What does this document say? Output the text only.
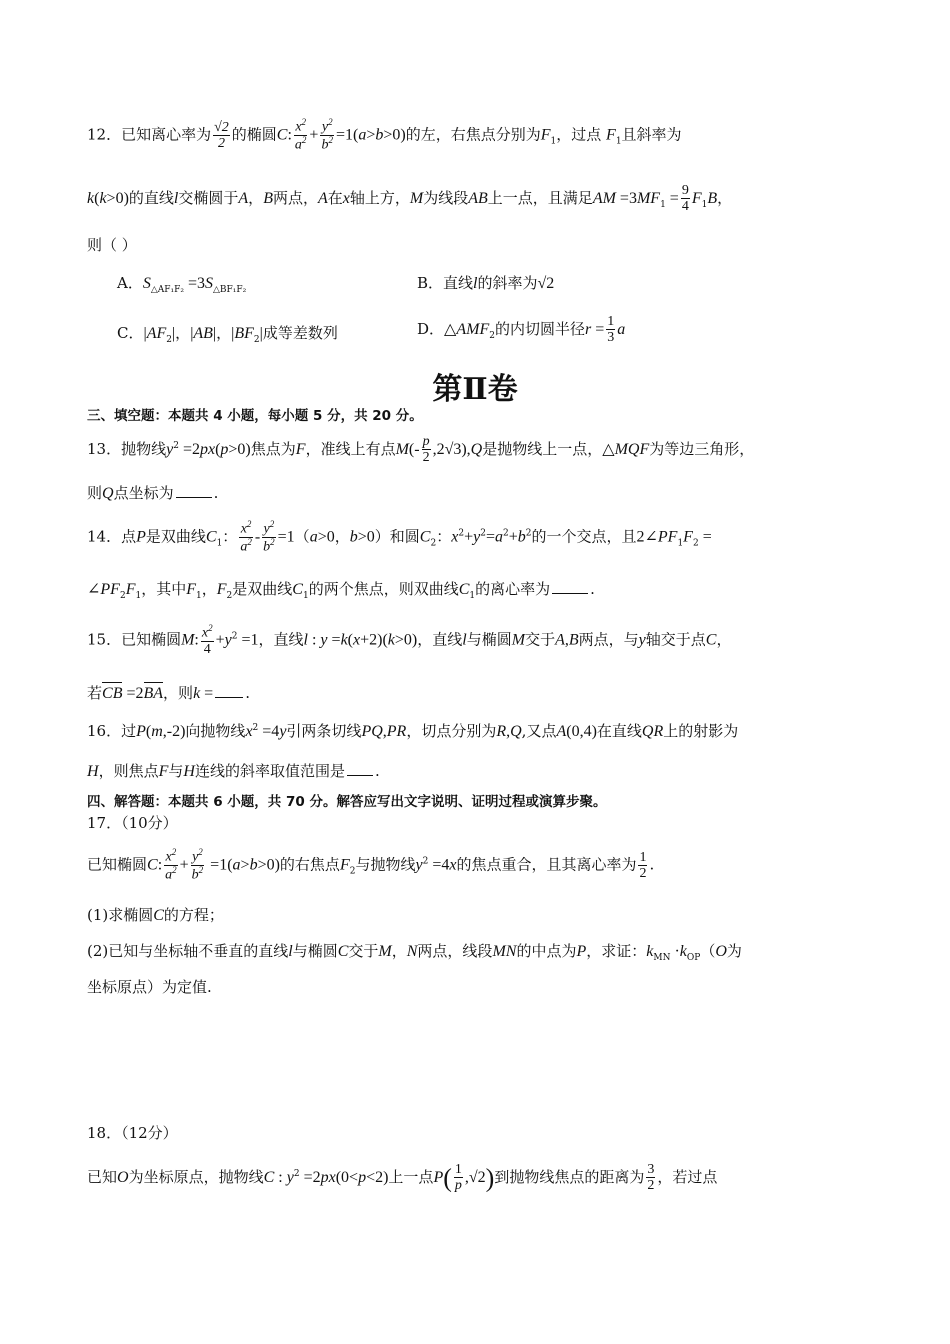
12．已知离心率为 $\frac{√2}{2}$ 的椭圆C: $\frac{x^2}{a^2} + \frac{y^2}{b^2} =1(a>b>0)$的左，右焦点分别为$F_1$，过点 $F_1$且斜率为
k(k>0)的直线l交椭圆于A，B两点，A在x轴上方，M为线段AB上一点，且满足AM $=3MF_1 = \frac{9}{4} F_1B$，
则（ ）
A．$S_{\triangle AF_1F_2} =3S_{\triangle BF_1F_2}$	B．直线l的斜率为√2
C．$|AF_2|$，|AB|，$|BF_2|$成等差数列	D．$\triangle AMF_2$的内切圆半径$r = \frac{1}{3}$ a
第Ⅱ卷
三、填空题：本题共 4 小题，每小题 5 分，共 20 分。
13．抛物线$y^2 =2px(p>0)$焦点为F，准线上有点$M(- \frac{p}{2} ,2√3),Q$是抛物线上一点，△MQF为等边三角形，
则Q点坐标为	.
14．点P是双曲线$C_1$： $\frac{x^2}{a^2} - \frac{y^2}{b^2} =1(a>0$，b>0）和圆$C_2$：$x^2+y^2=a^2+b^2$的一个交点，且$2\angle PF_1F_2$ =
$\angle PF_2F_1$，其中$F_1$，$F_2$是双曲线$C_1$的两个焦点，则双曲线$C_1$的离心率为	.
15．已知椭圆M: $\frac{x^2}{4} +y^2 =1$，直线l : y =k(x+2)(k>0)，直线l与椭圆M交于A,B两点，与y轴交于点C，
若CB =2BA，则k = .
16．过P(m,-2)向抛物线$x^2 =4y$引两条切线PQ,PR，切点分别为R,Q,又点A(0,4)在直线QR上的射影为
H，则焦点F与H连线的斜率取值范围是 .
四、解答题：本题共 6 小题，共 70 分。解答应写出文字说明、证明过程或演算步聚。
17．（10分）
已知椭圆C: $\frac{x^2}{a^2} + \frac{y^2}{b^2} =1(a>b>0)$的右焦点$F_2$与抛物线$y^2 =4x$的焦点重合，且其离心率为 $\frac{1}{2}$ .
(1)求椭圆C的方程；
(2)已知与坐标轴不垂直的直线l与椭圆C交于M，N两点，线段MN的中点为P，求证：$k_{MN} \cdot k_{OP}(O$为
坐标原点）为定值.
18．（12分）
已知O为坐标原点，抛物线C : $y^2 =2px(0<p<2)$上一点$P( \frac{1}{p} ,√2)$到抛物线焦点的距离为 $\frac{3}{2}$ ，若过点
